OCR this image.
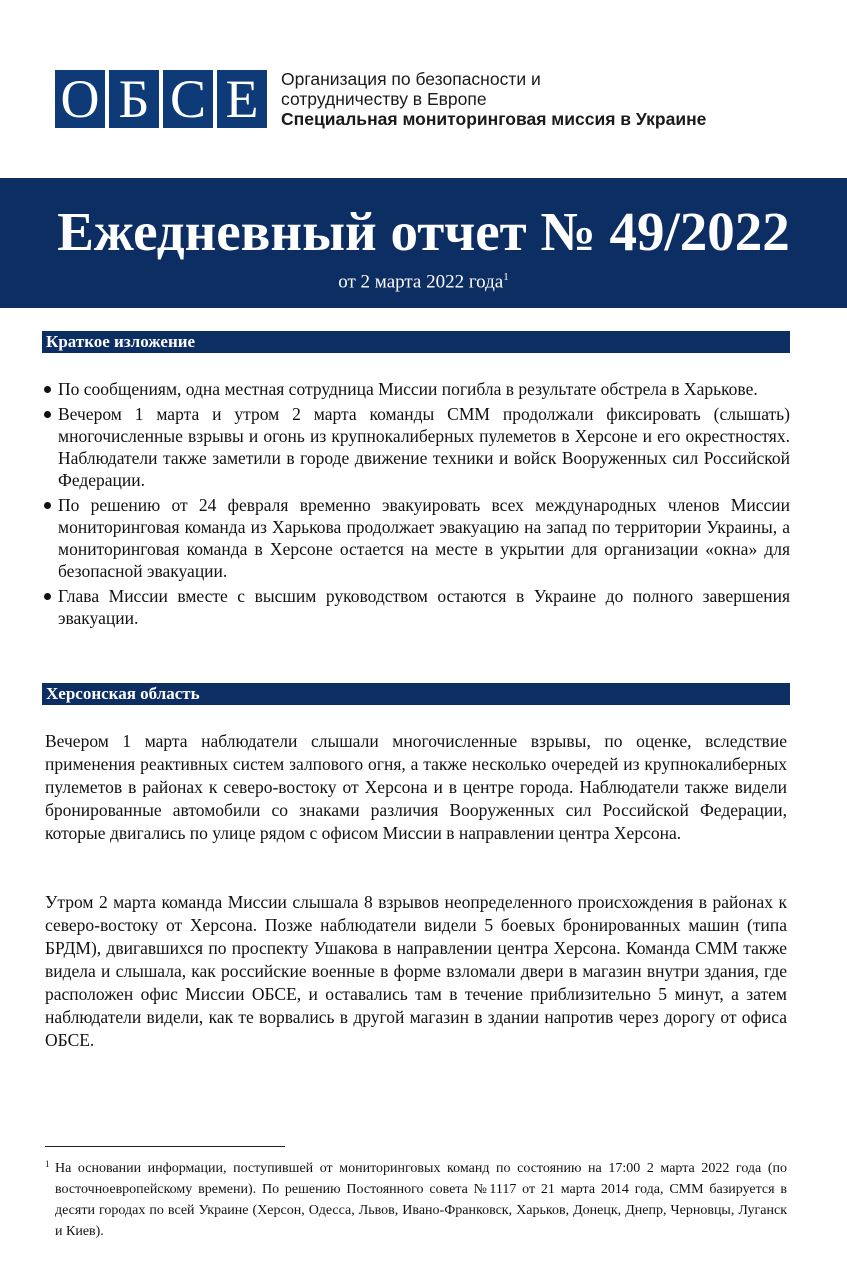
О Б С Е	Организация по безопасности и
сотрудничеству в Европе
Специальная мониторинговая миссия в Украине
Ежедневный отчет № 49/2022
от 2 марта 2022 года$^1$
Краткое изложение
По сообщениям, одна местная сотрудница Миссии погибла в результате обстрела в Харькове.
Вечером 1 марта и утром 2 марта команды СММ продолжали фиксировать (слышать) многочисленные взрывы и огонь из крупнокалиберных пулеметов в Херсоне и его окрестностях. Наблюдатели также заметили в городе движение техники и войск Вооруженных сил Российской Федерации.
По решению от 24 февраля временно эвакуировать всех международных членов Миссии мониторинговая команда из Харькова продолжает эвакуацию на запад по территории Украины, а мониторинговая команда в Херсоне остается на месте в укрытии для организации «окна» для безопасной эвакуации.
Глава Миссии вместе с высшим руководством остаются в Украине до полного завершения эвакуации.
Херсонская область

Вечером 1 марта наблюдатели слышали многочисленные взрывы, по оценке, вследствие применения реактивных систем залпового огня, а также несколько очередей из крупнокалиберных пулеметов в районах к северо-востоку от Херсона и в центре города. Наблюдатели также видели бронированные автомобили со знаками различия Вооруженных сил Российской Федерации, которые двигались по улице рядом с офисом Миссии в направлении центра Херсона.

Утром 2 марта команда Миссии слышала 8 взрывов неопределенного происхождения в районах к северо-востоку от Херсона. Позже наблюдатели видели 5 боевых бронированных машин (типа БРДМ), двигавшихся по проспекту Ушакова в направлении центра Херсона. Команда СММ также видела и слышала, как российские военные в форме взломали двери в магазин внутри здания, где расположен офис Миссии ОБСЕ, и оставались там в течение приблизительно 5 минут, а затем наблюдатели видели, как те ворвались в другой магазин в здании напротив через дорогу от офиса ОБСЕ.

1 На основании информации, поступившей от мониторинговых команд по состоянию на 17:00 2 марта 2022 года (по восточноевропейскому времени). По решению Постоянного совета №1117 от 21 марта 2014 года, СММ базируется в десяти городах по всей Украине (Херсон, Одесса, Львов, Ивано-Франковск, Харьков, Донецк, Днепр, Черновцы, Луганск и Киев).
